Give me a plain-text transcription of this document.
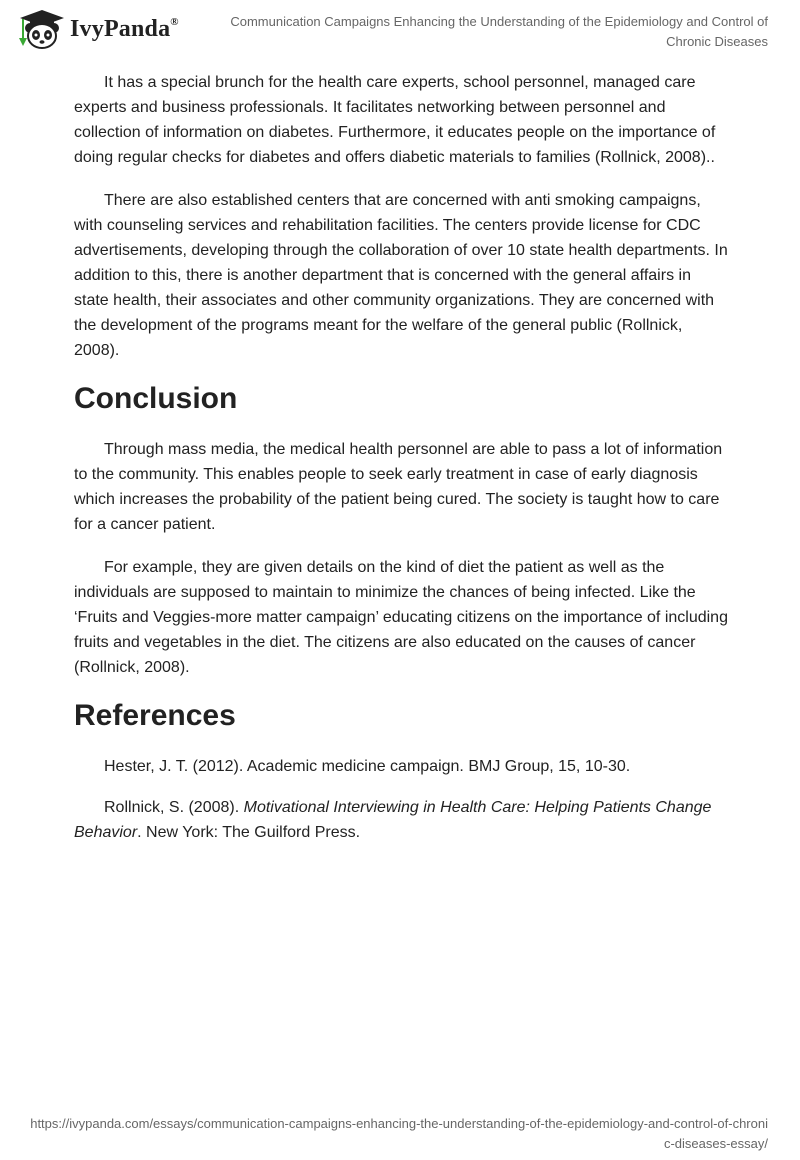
IvyPanda®	Communication Campaigns Enhancing the Understanding of the Epidemiology and Control of Chronic Diseases

It has a special brunch for the health care experts, school personnel, managed care experts and business professionals. It facilitates networking between personnel and collection of information on diabetes. Furthermore, it educates people on the importance of doing regular checks for diabetes and offers diabetic materials to families (Rollnick, 2008)..

There are also established centers that are concerned with anti smoking campaigns, with counseling services and rehabilitation facilities. The centers provide license for CDC advertisements, developing through the collaboration of over 10 state health departments. In addition to this, there is another department that is concerned with the general affairs in state health, their associates and other community organizations. They are concerned with the development of the programs meant for the welfare of the general public (Rollnick, 2008).

Conclusion

Through mass media, the medical health personnel are able to pass a lot of information to the community. This enables people to seek early treatment in case of early diagnosis which increases the probability of the patient being cured. The society is taught how to care for a cancer patient.

For example, they are given details on the kind of diet the patient as well as the individuals are supposed to maintain to minimize the chances of being infected. Like the ‘Fruits and Veggies-more matter campaign’ educating citizens on the importance of including fruits and vegetables in the diet. The citizens are also educated on the causes of cancer (Rollnick, 2008).

References

Hester, J. T. (2012). Academic medicine campaign. BMJ Group, 15, 10-30.

Rollnick, S. (2008). Motivational Interviewing in Health Care: Helping Patients Change Behavior. New York: The Guilford Press.

https://ivypanda.com/essays/communication-campaigns-enhancing-the-understanding-of-the-epidemiology-and-control-of-chronic-diseases-essay/
